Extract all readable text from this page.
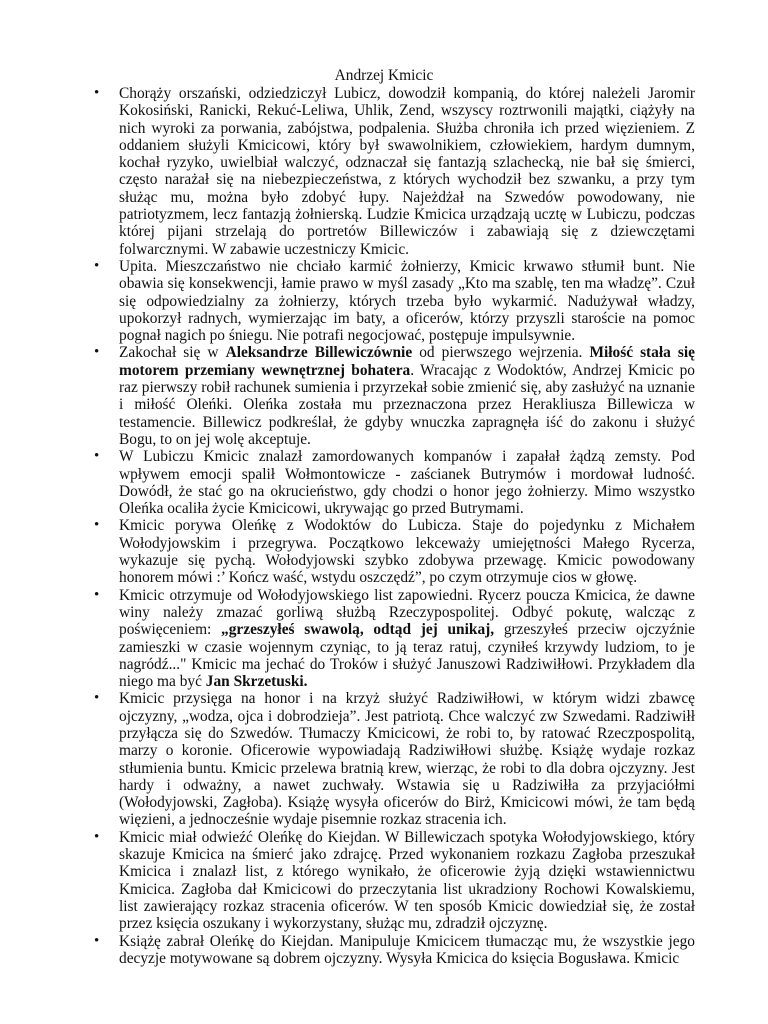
Andrzej Kmicic
• Chorąży orszański, odziedziczył Lubicz, dowodził kompanią, do której należeli Jaromir Kokosiński, Ranicki, Rekuć-Leliwa, Uhlik, Zend, wszyscy roztrwonili majątki, ciążyły na nich wyroki za porwania, zabójstwa, podpalenia. Służba chroniła ich przed więzieniem. Z oddaniem służyli Kmicicowi, który był swawolnikiem, człowiekiem, hardym dumnym, kochał ryzyko, uwielbiał walczyć, odznaczał się fantazją szlachecką, nie bał się śmierci, często narażał się na niebezpieczeństwa, z których wychodził bez szwanku, a przy tym służąc mu, można było zdobyć łupy. Najeżdżał na Szwedów powodowany, nie patriotyzmem, lecz fantazją żołnierską. Ludzie Kmicica urządzają ucztę w Lubiczu, podczas której pijani strzelają do portretów Billewiczów i zabawiają się z dziewczętami folwarcznymi. W zabawie uczestniczy Kmicic.
• Upita. Mieszczaństwo nie chciało karmić żołnierzy, Kmicic krwawo stłumił bunt. Nie obawia się konsekwencji, łamie prawo w myśl zasady „Kto ma szablę, ten ma władzę”. Czuł się odpowiedzialny za żołnierzy, których trzeba było wykarmić. Nadużywał władzy, upokorzył radnych, wymierzając im baty, a oficerów, którzy przyszli staroście na pomoc pognał nagich po śniegu. Nie potrafi negocjować, postępuje impulsywnie.
• Zakochał się w Aleksandrze Billewiczównie od pierwszego wejrzenia. Miłość stała się motorem przemiany wewnętrznej bohatera. Wracając z Wodoktów, Andrzej Kmicic po raz pierwszy robił rachunek sumienia i przyrzekał sobie zmienić się, aby zasłużyć na uznanie i miłość Oleńki. Oleńka została mu przeznaczona przez Herakliusza Billewicza w testamencie. Billewicz podkreślał, że gdyby wnuczka zapragnęła iść do zakonu i służyć Bogu, to on jej wolę akceptuje.
• W Lubiczu Kmicic znalazł zamordowanych kompanów i zapałał żądzą zemsty. Pod wpływem emocji spalił Wołmontowicze - zaścianek Butrymów i mordował ludność. Dowódł, że stać go na okrucieństwo, gdy chodzi o honor jego żołnierzy. Mimo wszystko Oleńka ocaliła życie Kmicicowi, ukrywając go przed Butrymami.
• Kmicic porywa Oleńkę z Wodoktów do Lubicza. Staje do pojedynku z Michałem Wołodyjowskim i przegrywa. Początkowo lekceważy umiejętności Małego Rycerza, wykazuje się pychą. Wołodyjowski szybko zdobywa przewagę. Kmicic powodowany honorem mówi :’ Kończ waść, wstydu oszczędź”, po czym otrzymuje cios w głowę.
• Kmicic otrzymuje od Wołodyjowskiego list zapowiedni. Rycerz poucza Kmicica, że dawne winy należy zmazać gorliwą służbą Rzeczypospolitej. Odbyć pokutę, walcząc z poświęceniem: „grzeszyłeś swawolą, odtąd jej unikaj, grzeszyłeś przeciw ojczyźnie zamieszki w czasie wojennym czyniąc, to ją teraz ratuj, czyniłeś krzywdy ludziom, to je nagródź..." Kmicic ma jechać do Troków i służyć Januszowi Radziwiłłowi. Przykładem dla niego ma być Jan Skrzetuski.
• Kmicic przysięga na honor i na krzyż służyć Radziwiłłowi, w którym widzi zbawcę ojczyzny, „wodza, ojca i dobrodzieja”. Jest patriotą. Chce walczyć zw Szwedami. Radziwiłł przyłącza się do Szwedów. Tłumaczy Kmicicowi, że robi to, by ratować Rzeczpospolitą, marzy o koronie. Oficerowie wypowiadają Radziwiłłowi służbę. Książę wydaje rozkaz stłumienia buntu. Kmicic przelewa bratnią krew, wierząc, że robi to dla dobra ojczyzny. Jest hardy i odważny, a nawet zuchwały. Wstawia się u Radziwiłła za przyjaciółmi (Wołodyjowski, Zagłoba). Książę wysyła oficerów do Birż, Kmicicowi mówi, że tam będą więzieni, a jednocześnie wydaje pisemnie rozkaz stracenia ich.
• Kmicic miał odwieźć Oleńkę do Kiejdan. W Billewiczach spotyka Wołodyjowskiego, który skazuje Kmicica na śmierć jako zdrajcę. Przed wykonaniem rozkazu Zagłoba przeszukał Kmicica i znalazł list, z którego wynikało, że oficerowie żyją dzięki wstawiennictwu Kmicica. Zagłoba dał Kmicicowi do przeczytania list ukradziony Rochowi Kowalskiemu, list zawierający rozkaz stracenia oficerów. W ten sposób Kmicic dowiedział się, że został przez księcia oszukany i wykorzystany, służąc mu, zdradził ojczyznę.
• Książę zabrał Oleńkę do Kiejdan. Manipuluje Kmicicem tłumacząc mu, że wszystkie jego decyzje motywowane są dobrem ojczyzny. Wysyła Kmicica do księcia Bogusława. Kmicic
